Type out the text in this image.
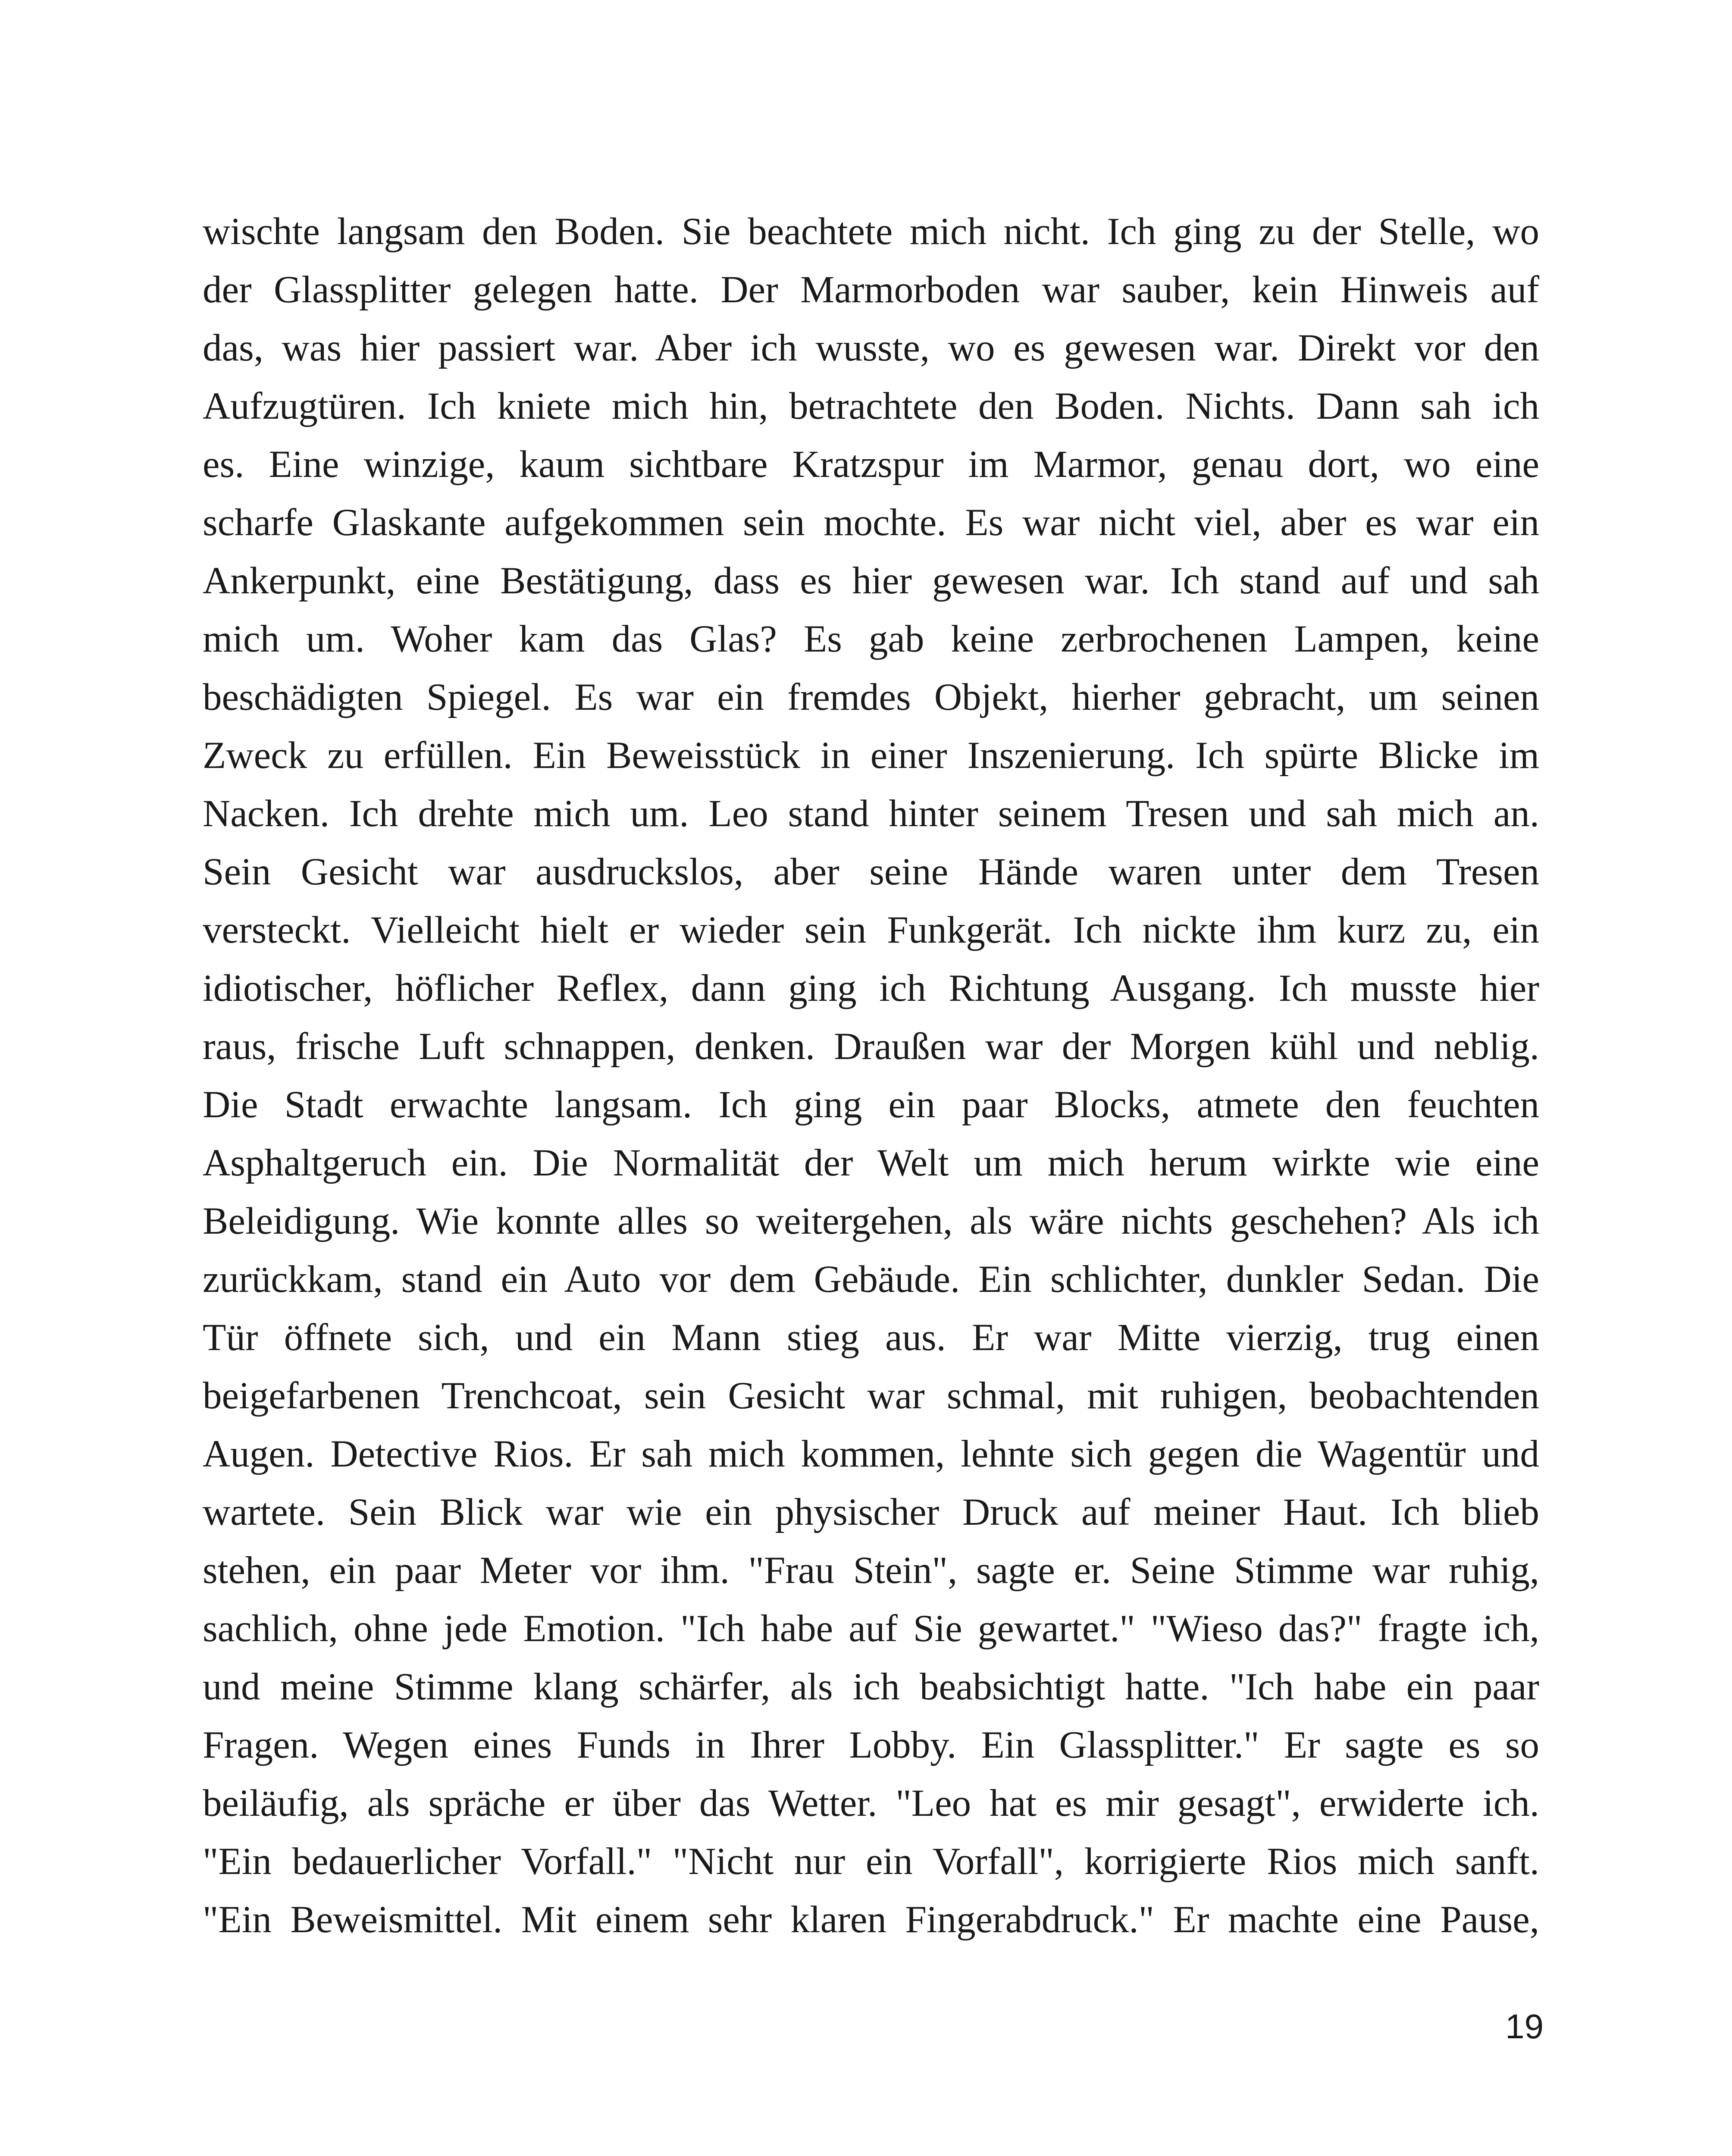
wischte langsam den Boden. Sie beachtete mich nicht. Ich ging zu der Stelle, wo
der Glassplitter gelegen hatte. Der Marmorboden war sauber, kein Hinweis auf
das, was hier passiert war. Aber ich wusste, wo es gewesen war. Direkt vor den
Aufzugtüren. Ich kniete mich hin, betrachtete den Boden. Nichts. Dann sah ich
es. Eine winzige, kaum sichtbare Kratzspur im Marmor, genau dort, wo eine
scharfe Glaskante aufgekommen sein mochte. Es war nicht viel, aber es war ein
Ankerpunkt, eine Bestätigung, dass es hier gewesen war. Ich stand auf und sah
mich um. Woher kam das Glas? Es gab keine zerbrochenen Lampen, keine
beschädigten Spiegel. Es war ein fremdes Objekt, hierher gebracht, um seinen
Zweck zu erfüllen. Ein Beweisstück in einer Inszenierung. Ich spürte Blicke im
Nacken. Ich drehte mich um. Leo stand hinter seinem Tresen und sah mich an.
Sein Gesicht war ausdruckslos, aber seine Hände waren unter dem Tresen
versteckt. Vielleicht hielt er wieder sein Funkgerät. Ich nickte ihm kurz zu, ein
idiotischer, höflicher Reflex, dann ging ich Richtung Ausgang. Ich musste hier
raus, frische Luft schnappen, denken. Draußen war der Morgen kühl und neblig.
Die Stadt erwachte langsam. Ich ging ein paar Blocks, atmete den feuchten
Asphaltgeruch ein. Die Normalität der Welt um mich herum wirkte wie eine
Beleidigung. Wie konnte alles so weitergehen, als wäre nichts geschehen? Als ich
zurückkam, stand ein Auto vor dem Gebäude. Ein schlichter, dunkler Sedan. Die
Tür öffnete sich, und ein Mann stieg aus. Er war Mitte vierzig, trug einen
beigefarbenen Trenchcoat, sein Gesicht war schmal, mit ruhigen, beobachtenden
Augen. Detective Rios. Er sah mich kommen, lehnte sich gegen die Wagentür und
wartete. Sein Blick war wie ein physischer Druck auf meiner Haut. Ich blieb
stehen, ein paar Meter vor ihm. "Frau Stein", sagte er. Seine Stimme war ruhig,
sachlich, ohne jede Emotion. "Ich habe auf Sie gewartet." "Wieso das?" fragte ich,
und meine Stimme klang schärfer, als ich beabsichtigt hatte. "Ich habe ein paar
Fragen. Wegen eines Funds in Ihrer Lobby. Ein Glassplitter." Er sagte es so
beiläufig, als spräche er über das Wetter. "Leo hat es mir gesagt", erwiderte ich.
"Ein bedauerlicher Vorfall." "Nicht nur ein Vorfall", korrigierte Rios mich sanft.
"Ein Beweismittel. Mit einem sehr klaren Fingerabdruck." Er machte eine Pause,
19
